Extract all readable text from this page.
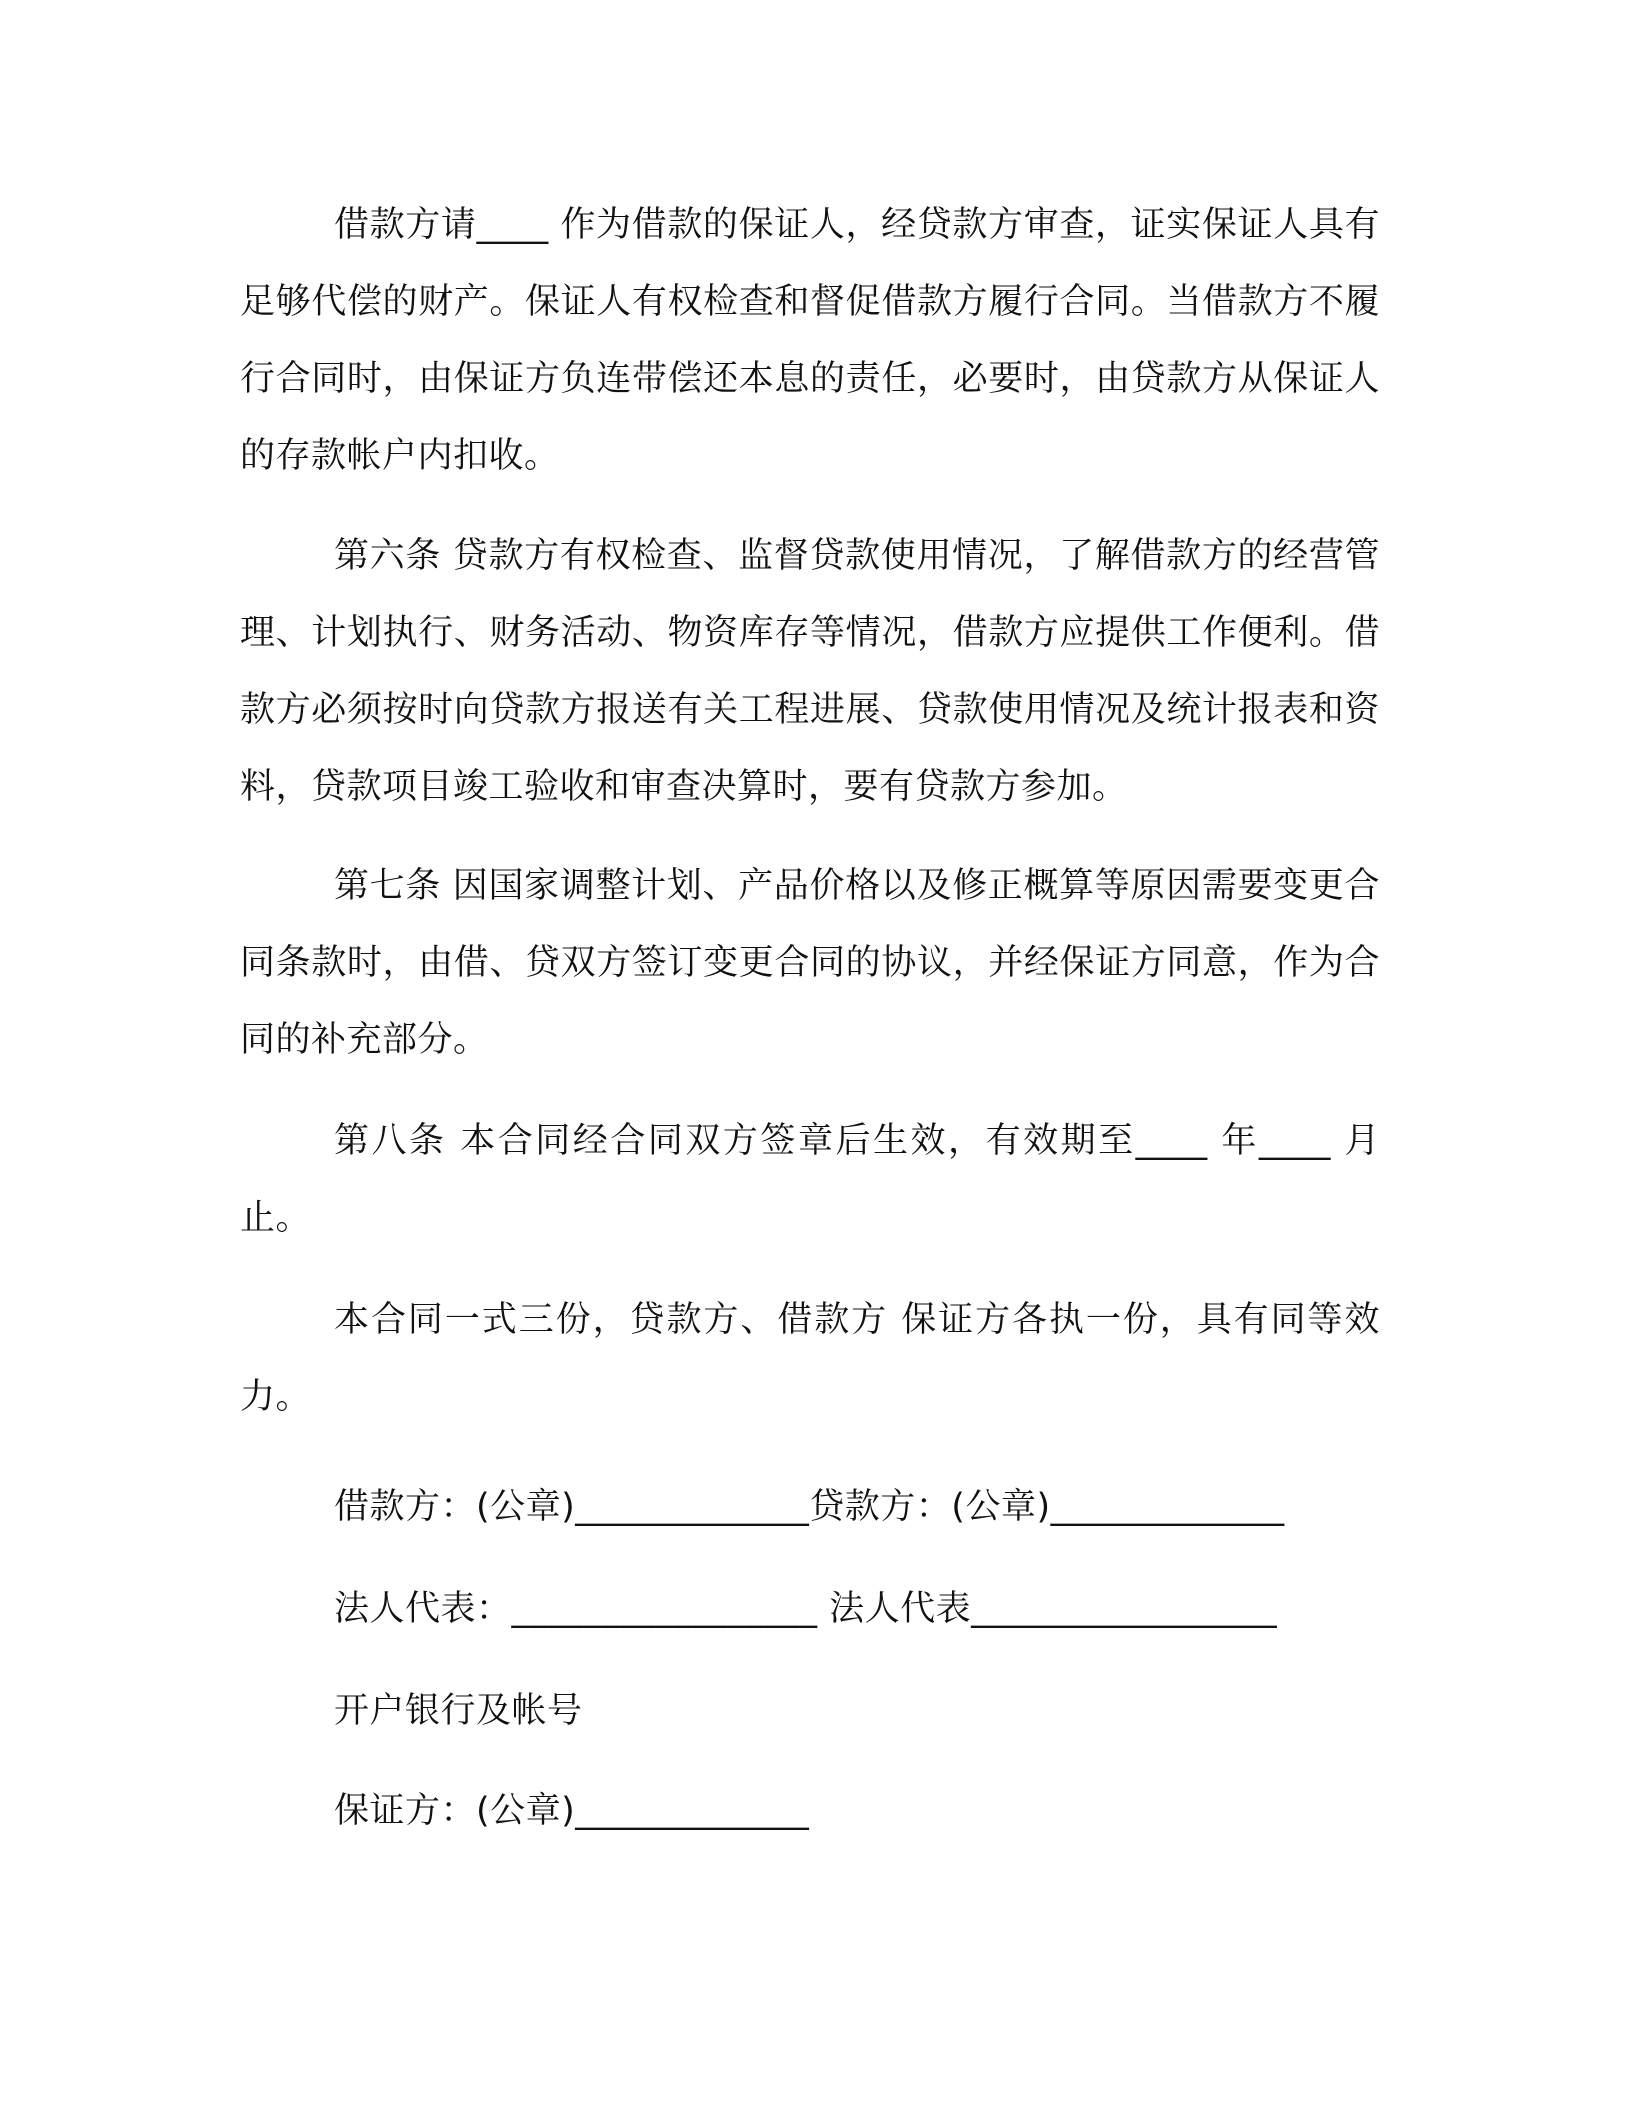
借款方请____ 作为借款的保证人，经贷款方审查，证实保证人具有足够代偿的财产。保证人有权检查和督促借款方履行合同。当借款方不履行合同时，由保证方负连带偿还本息的责任，必要时，由贷款方从保证人的存款帐户内扣收。

第六条 贷款方有权检查、监督贷款使用情况，了解借款方的经营管理、计划执行、财务活动、物资库存等情况，借款方应提供工作便利。借款方必须按时向贷款方报送有关工程进展、贷款使用情况及统计报表和资料，贷款项目竣工验收和审查决算时，要有贷款方参加。

第七条 因国家调整计划、产品价格以及修正概算等原因需要变更合同条款时，由借、贷双方签订变更合同的协议，并经保证方同意，作为合同的补充部分。

第八条 本合同经合同双方签章后生效，有效期至____ 年____ 月止。

本合同一式三份，贷款方、借款方 保证方各执一份，具有同等效力。

借款方：(公章)_____________贷款方：(公章)_____________

法人代表：_________________ 法人代表_________________

开户银行及帐号

保证方：(公章)_____________
